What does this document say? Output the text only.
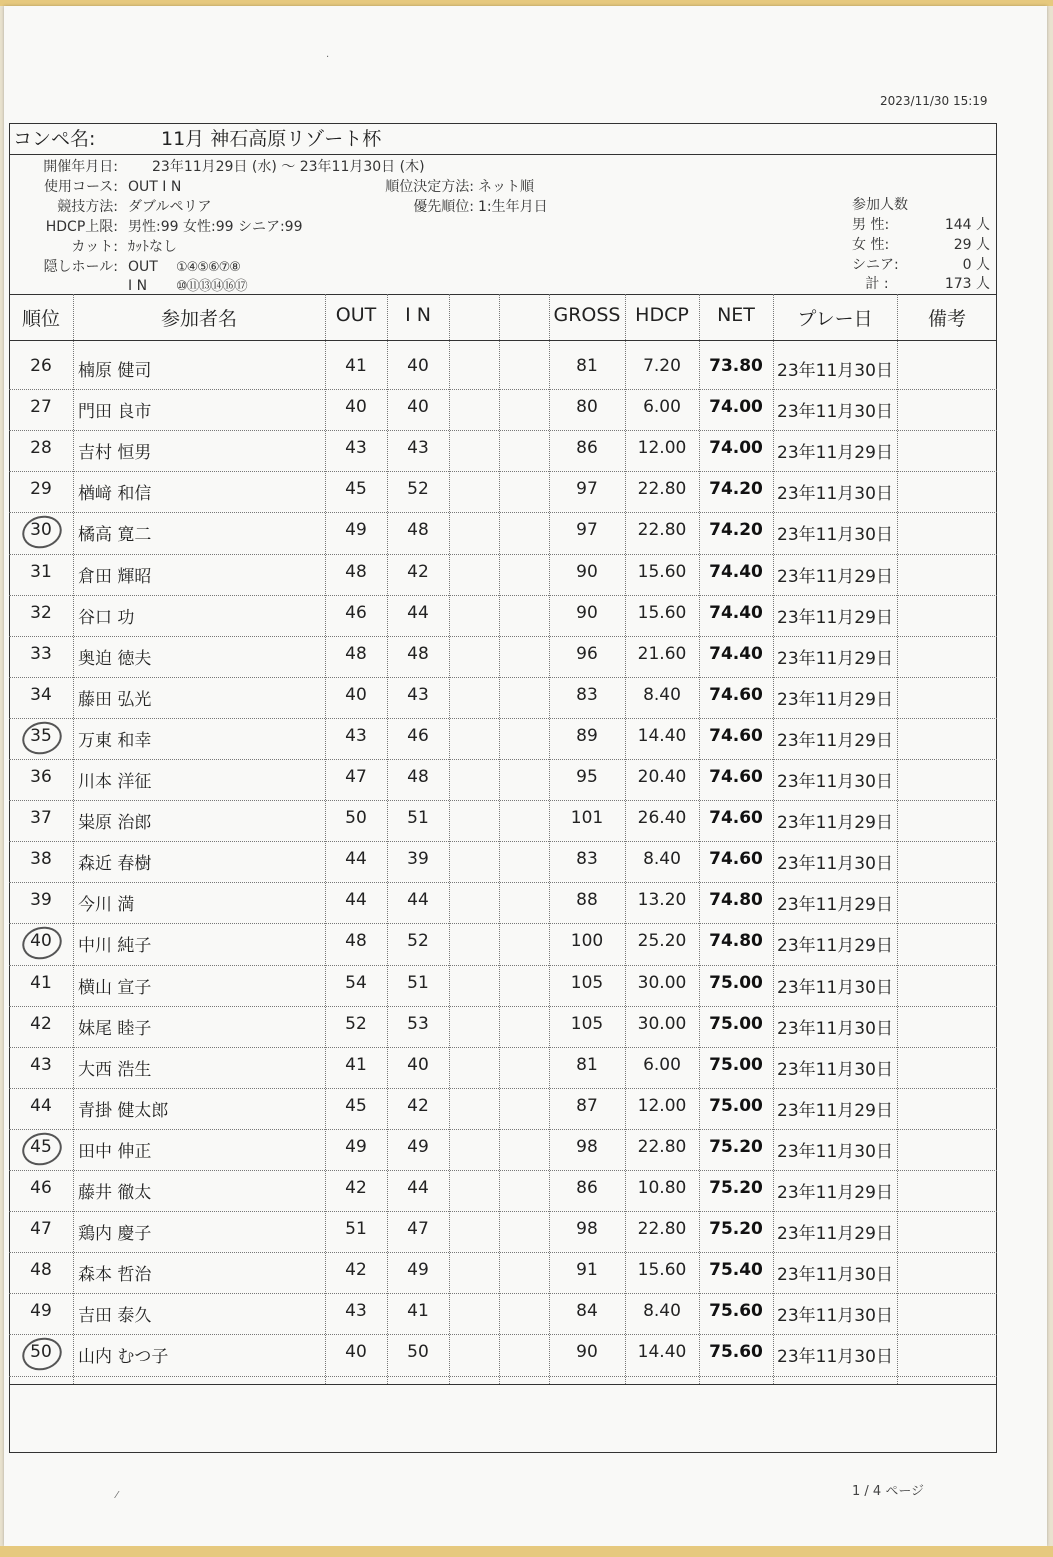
·
2023/11/30 15:19
コンペ名:	11月 神石高原リゾート杯
開催年月日: 23年11月29日 (水) ～ 23年11月30日 (木)
使用コース: OUT I N	順位決定方法: ネット順
競技方法: ダブルペリア	優先順位: 1:生年月日
HDCP上限: 男性:99 女性:99 シニア:99
カット: ｶｯﾄなし
隠しホール: OUT ①④⑤⑥⑦⑧
I N ⑩⑪⑬⑭⑯⑰
参加人数
男 性:	144 人
女 性:	29 人
シニア:	0 人
計 :	173 人
順位	参加者名	OUT	I N	GROSS HDCP	NET	プレー日	備考
26	楠原 健司	41	40	81	7.20	73.80 23年11月30日
27	門田 良市	40	40	80	6.00	74.00 23年11月30日
28	吉村 恒男	43	43	86	12.00	74.00 23年11月29日
29	楢﨑 和信	45	52	97	22.80	74.20 23年11月30日
30	橘高 寛二	49	48	97	22.80	74.20 23年11月30日
31	倉田 輝昭	48	42	90	15.60	74.40 23年11月29日
32	谷口 功	46	44	90	15.60	74.40 23年11月29日
33	奥迫 徳夫	48	48	96	21.60	74.40 23年11月29日
34	藤田 弘光	40	43	83	8.40	74.60 23年11月29日
35	万東 和幸	43	46	89	14.40	74.60 23年11月29日
36	川本 洋征	47	48	95	20.40	74.60 23年11月30日
37	粜原 治郎	50	51	101	26.40	74.60 23年11月29日
38	森近 春樹	44	39	83	8.40	74.60 23年11月30日
39	今川 満	44	44	88	13.20	74.80 23年11月29日
40	中川 純子	48	52	100	25.20	74.80 23年11月29日
41	横山 宣子	54	51	105	30.00	75.00 23年11月30日
42	妹尾 睦子	52	53	105	30.00	75.00 23年11月30日
43	大西 浩生	41	40	81	6.00	75.00 23年11月30日
44	青掛 健太郎	45	42	87	12.00	75.00 23年11月29日
45	田中 伸正	49	49	98	22.80	75.20 23年11月30日
46	藤井 徹太	42	44	86	10.80	75.20 23年11月29日
47	鶏内 慶子	51	47	98	22.80	75.20 23年11月29日
48	森本 哲治	42	49	91	15.60	75.40 23年11月30日
49	吉田 泰久	43	41	84	8.40	75.60 23年11月30日
50	山内 むつ子	40	50	90	14.40	75.60 23年11月30日
1 / 4 ページ
⁄
